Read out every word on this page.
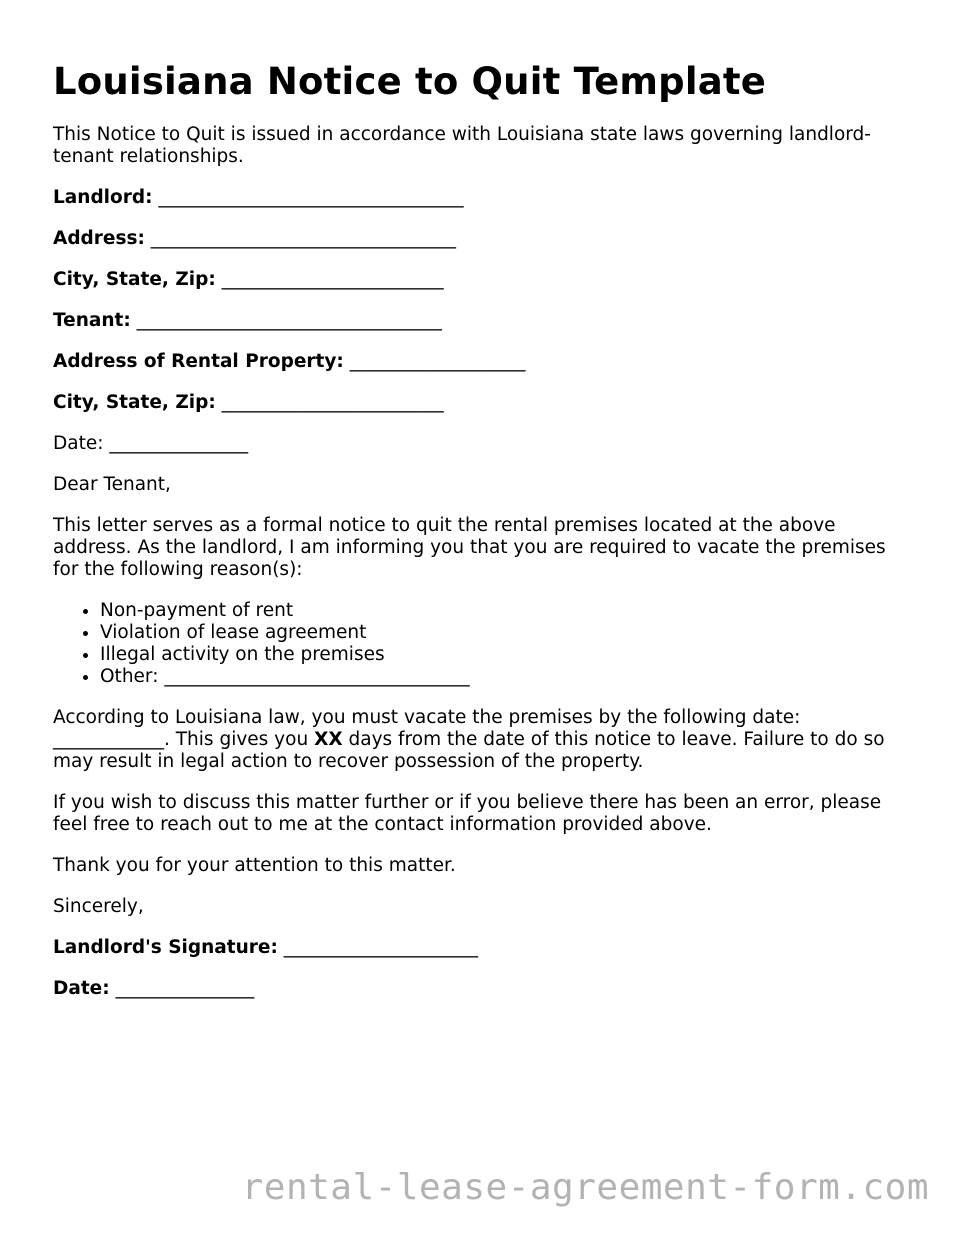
Louisiana Notice to Quit Template

This Notice to Quit is issued in accordance with Louisiana state laws governing landlord-tenant relationships.

Landlord: _________________________________

Address: _________________________________

City, State, Zip: ________________________

Tenant: _________________________________

Address of Rental Property: ___________________

City, State, Zip: ________________________

Date: _______________

Dear Tenant,

This letter serves as a formal notice to quit the rental premises located at the above address. As the landlord, I am informing you that you are required to vacate the premises for the following reason(s):

• Non-payment of rent
• Violation of lease agreement
• Illegal activity on the premises
• Other: _________________________________

According to Louisiana law, you must vacate the premises by the following date: ____________. This gives you XX days from the date of this notice to leave. Failure to do so may result in legal action to recover possession of the property.

If you wish to discuss this matter further or if you believe there has been an error, please feel free to reach out to me at the contact information provided above.

Thank you for your attention to this matter.

Sincerely,

Landlord's Signature: _____________________

Date: _______________

rental-lease-agreement-form.com
